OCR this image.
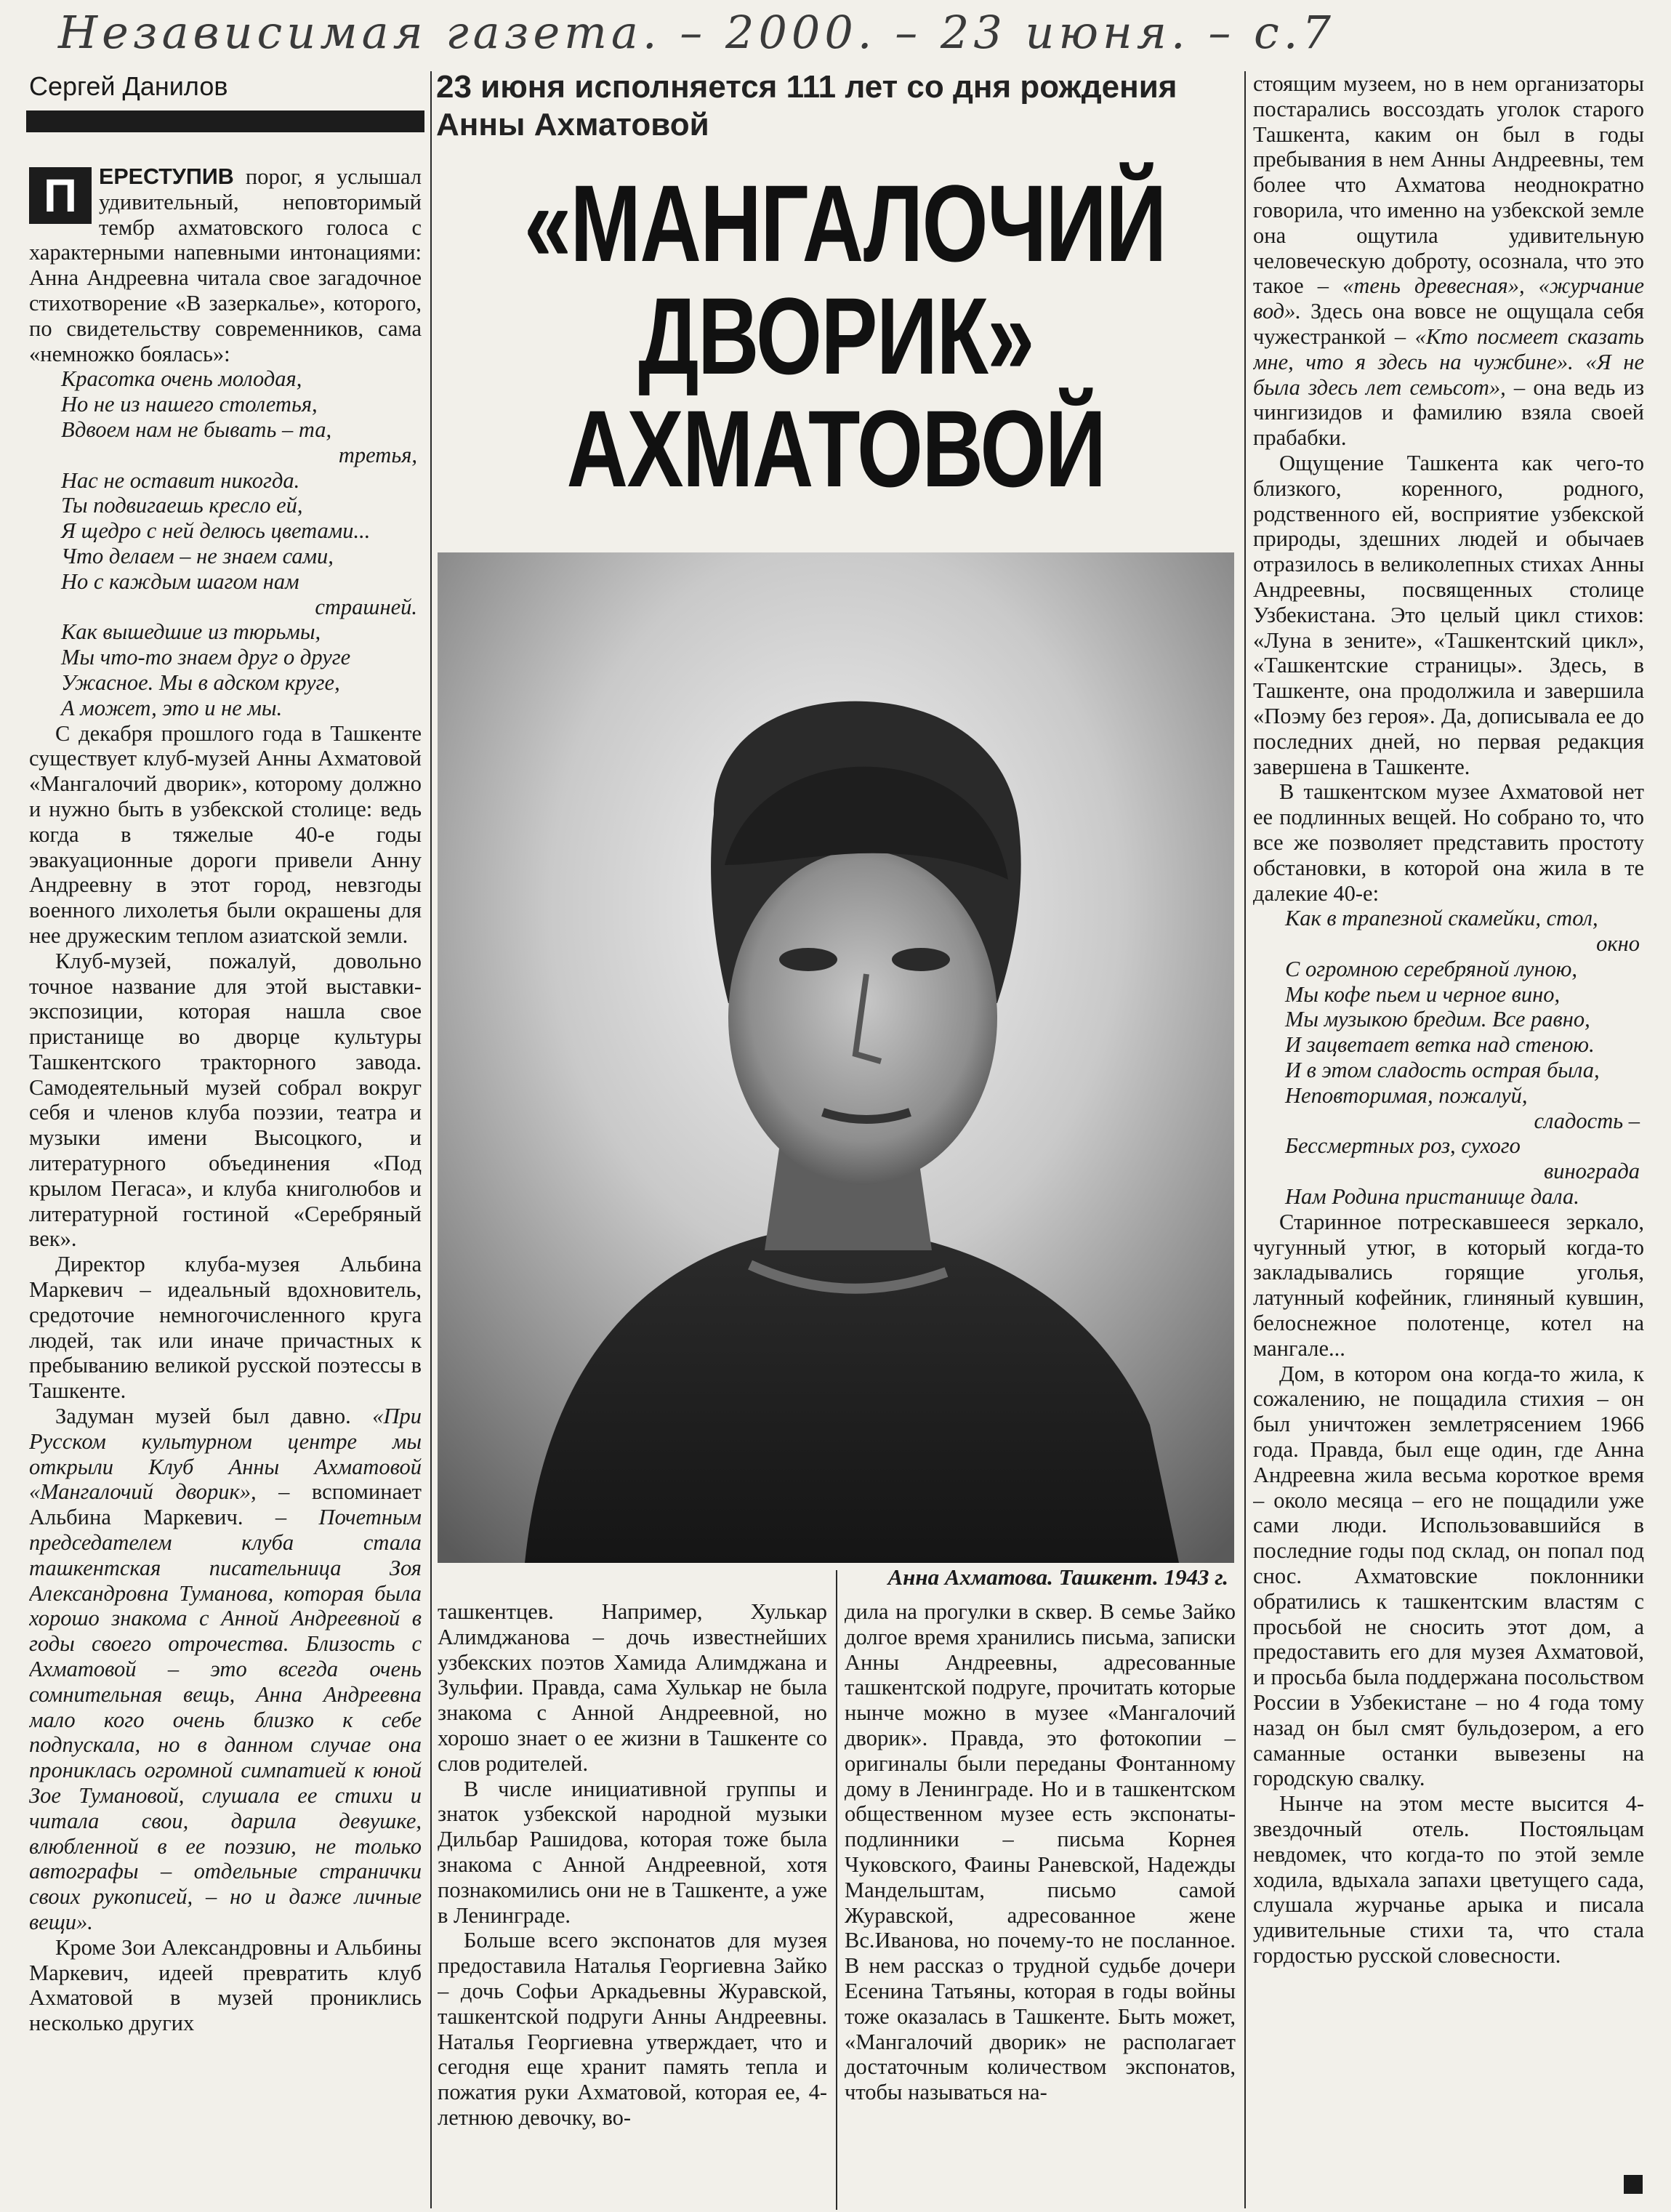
Независимая газета. – 2000. – 23 июня. – с.7
Сергей Данилов	23 июня исполняется 111 лет со дня рождения Анны Ахматовой
«МАНГАЛОЧИЙ
ДВОРИК»
АХМАТОВОЙ
Анна Ахматова. Ташкент. 1943 г.

П ЕРЕСТУПИВ порог, я услышал удивительный, неповторимый тембр ахматовского голоса с характерными напевными интонациями: Анна Андреевна читала свое загадочное стихотворение «В зазеркалье», которого, по свидетельству современников, сама «немножко боялась»:

Красотка очень молодая,
Но не из нашего столетья,
Вдвоем нам не бывать – та,
третья,
Нас не оставит никогда.
Ты подвигаешь кресло ей,
Я щедро с ней делюсь цветами...
Что делаем – не знаем сами,
Но с каждым шагом нам
страшней.
Как вышедшие из тюрьмы,
Мы что-то знаем друг о друге
Ужасное. Мы в адском круге,
А может, это и не мы.

С декабря прошлого года в Ташкенте существует клуб-музей Анны Ахматовой «Мангалочий дворик», которому должно и нужно быть в узбекской столице: ведь когда в тяжелые 40-е годы эвакуационные дороги привели Анну Андреевну в этот город, невзгоды военного лихолетья были окрашены для нее дружеским теплом азиатской земли.

Клуб-музей, пожалуй, довольно точное название для этой выставки-экспозиции, которая нашла свое пристанище во дворце культуры Ташкентского тракторного завода. Самодеятельный музей собрал вокруг себя и членов клуба поэзии, театра и музыки имени Высоцкого, и литературного объединения «Под крылом Пегаса», и клуба книголюбов и литературной гостиной «Серебряный век».

Директор клуба-музея Альбина Маркевич – идеальный вдохновитель, средоточие немногочисленного круга людей, так или иначе причастных к пребыванию великой русской поэтессы в Ташкенте.

Задуман музей был давно. «При Русском культурном центре мы открыли Клуб Анны Ахматовой «Мангалочий дворик», – вспоминает Альбина Маркевич. – Почетным председателем клуба стала ташкентская писательница Зоя Александровна Туманова, которая была хорошо знакома с Анной Андреевной в годы своего отрочества. Близость с Ахматовой – это всегда очень сомнительная вещь, Анна Андреевна мало кого очень близко к себе подпускала, но в данном случае она прониклась огромной симпатией к юной Зое Тумановой, слушала ее стихи и читала свои, дарила девушке, влюбленной в ее поэзию, не только автографы – отдельные странички своих рукописей, – но и даже личные вещи».

Кроме Зои Александровны и Альбины Маркевич, идеей превратить клуб Ахматовой в музей прониклись несколько других

ташкентцев. Например, Хулькар Алимджанова – дочь известнейших узбекских поэтов Хамида Алимджана и Зульфии. Правда, сама Хулькар не была знакома с Анной Андреевной, но хорошо знает о ее жизни в Ташкенте со слов родителей.

В числе инициативной группы и знаток узбекской народной музыки Дильбар Рашидова, которая тоже была знакома с Анной Андреевной, хотя познакомились они не в Ташкенте, а уже в Ленинграде.

Больше всего экспонатов для музея предоставила Наталья Георгиевна Зайко – дочь Софьи Аркадьевны Журавской, ташкентской подруги Анны Андреевны. Наталья Георгиевна утверждает, что и сегодня еще хранит память тепла и пожатия руки Ахматовой, которая ее, 4-летнюю девочку, во-

дила на прогулки в сквер. В семье Зайко долгое время хранились письма, записки Анны Андреевны, адресованные ташкентской подруге, прочитать которые нынче можно в музее «Мангалочий дворик». Правда, это фотокопии – оригиналы были переданы Фонтанному дому в Ленинграде. Но и в ташкентском общественном музее есть экспонаты-подлинники – письма Корнея Чуковского, Фаины Раневской, Надежды Мандельштам, письмо самой Журавской, адресованное жене Вс.Иванова, но почему-то не посланное. В нем рассказ о трудной судьбе дочери Есенина Татьяны, которая в годы войны тоже оказалась в Ташкенте. Быть может, «Мангалочий дворик» не располагает достаточным количеством экспонатов, чтобы называться на-

стоящим музеем, но в нем организаторы постарались воссоздать уголок старого Ташкента, каким он был в годы пребывания в нем Анны Андреевны, тем более что Ахматова неоднократно говорила, что именно на узбекской земле она ощутила удивительную человеческую доброту, осознала, что это такое – «тень древесная», «журчание вод». Здесь она вовсе не ощущала себя чужестранкой – «Кто посмеет сказать мне, что я здесь на чужбине». «Я не была здесь лет семьсот», – она ведь из чингизидов и фамилию взяла своей прабабки.

Ощущение Ташкента как чего-то близкого, коренного, родного, родственного ей, восприятие узбекской природы, здешних людей и обычаев отразилось в великолепных стихах Анны Андреевны, посвященных столице Узбекистана. Это целый цикл стихов: «Луна в зените», «Ташкентский цикл», «Ташкентские страницы». Здесь, в Ташкенте, она продолжила и завершила «Поэму без героя». Да, дописывала ее до последних дней, но первая редакция завершена в Ташкенте.

В ташкентском музее Ахматовой нет ее подлинных вещей. Но собрано то, что все же позволяет представить простоту обстановки, в которой она жила в те далекие 40-е:

Как в трапезной скамейки, стол,
окно
С огромною серебряной луною,
Мы кофе пьем и черное вино,
Мы музыкою бредим. Все равно,
И зацветает ветка над стеною.
И в этом сладость острая была,
Неповторимая, пожалуй,
сладость –
Бессмертных роз, сухого
винограда
Нам Родина пристанище дала.

Старинное потрескавшееся зеркало, чугунный утюг, в который когда-то закладывались горящие уголья, латунный кофейник, глиняный кувшин, белоснежное полотенце, котел на мангале...

Дом, в котором она когда-то жила, к сожалению, не пощадила стихия – он был уничтожен землетрясением 1966 года. Правда, был еще один, где Анна Андреевна жила весьма короткое время – около месяца – его не пощадили уже сами люди. Использовавшийся в последние годы под склад, он попал под снос. Ахматовские поклонники обратились к ташкентским властям с просьбой не сносить этот дом, а предоставить его для музея Ахматовой, и просьба была поддержана посольством России в Узбекистане – но 4 года тому назад он был смят бульдозером, а его саманные останки вывезены на городскую свалку.

Нынче на этом месте высится 4-звездочный отель. Постояльцам невдомек, что когда-то по этой земле ходила, вдыхала запахи цветущего сада, слушала журчанье арыка и писала удивительные стихи та, что стала гордостью русской словесности.
